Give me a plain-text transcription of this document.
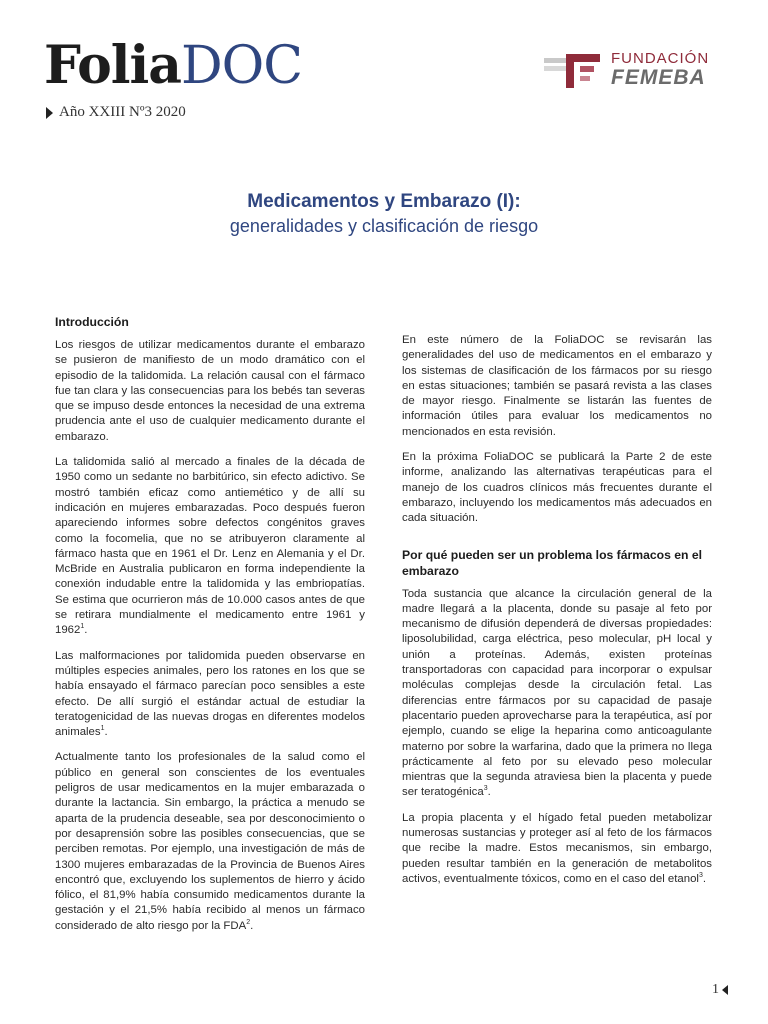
FoliaDOC
Año XXIII Nº3 2020
FUNDACIÓN
FEMEBA
Medicamentos y Embarazo (I):
generalidades y clasificación de riesgo
Introducción

Los riesgos de utilizar medicamentos durante el embarazo se pusieron de manifiesto de un modo dramático con el episodio de la talidomida. La relación causal con el fármaco fue tan clara y las consecuencias para los bebés tan severas que se impuso desde entonces la necesidad de una extrema prudencia ante el uso de cualquier medicamento durante el embarazo.

La talidomida salió al mercado a finales de la década de 1950 como un sedante no barbitúrico, sin efecto adictivo. Se mostró también eficaz como antiemético y de allí su indicación en mujeres embarazadas. Poco después fueron apareciendo informes sobre defectos congénitos graves como la focomelia, que no se atribuyeron claramente al fármaco hasta que en 1961 el Dr. Lenz en Alemania y el Dr. McBride en Australia publicaron en forma independiente la conexión indudable entre la talidomida y las embriopatías. Se estima que ocurrieron más de 10.000 casos antes de que se retirara mundialmente el medicamento entre 1961 y 1962$^1$.

Las malformaciones por talidomida pueden observarse en múltiples especies animales, pero los ratones en los que se había ensayado el fármaco parecían poco sensibles a este efecto. De allí surgió el estándar actual de estudiar la teratogenicidad de las nuevas drogas en diferentes modelos animales$^1$.

Actualmente tanto los profesionales de la salud como el público en general son conscientes de los eventuales peligros de usar medicamentos en la mujer embarazada o durante la lactancia. Sin embargo, la práctica a menudo se aparta de la prudencia deseable, sea por desconocimiento o por desaprensión sobre las posibles consecuencias, que se perciben remotas. Por ejemplo, una investigación de más de 1300 mujeres embarazadas de la Provincia de Buenos Aires encontró que, excluyendo los suplementos de hierro y ácido fólico, el 81,9% había consumido medicamentos durante la gestación y el 21,5% había recibido al menos un fármaco considerado de alto riesgo por la FDA$^2$.

En este número de la FoliaDOC se revisarán las generalidades del uso de medicamentos en el embarazo y los sistemas de clasificación de los fármacos por su riesgo en estas situaciones; también se pasará revista a las clases de mayor riesgo. Finalmente se listarán las fuentes de información útiles para evaluar los medicamentos no mencionados en esta revisión.

En la próxima FoliaDOC se publicará la Parte 2 de este informe, analizando las alternativas terapéuticas para el manejo de los cuadros clínicos más frecuentes durante el embarazo, incluyendo los medicamentos más adecuados en cada situación.

Por qué pueden ser un problema los fármacos en el embarazo

Toda sustancia que alcance la circulación general de la madre llegará a la placenta, donde su pasaje al feto por mecanismo de difusión dependerá de diversas propiedades: liposolubilidad, carga eléctrica, peso molecular, pH local y unión a proteínas. Además, existen proteínas transportadoras con capacidad para incorporar o expulsar moléculas complejas desde la circulación fetal. Las diferencias entre fármacos por su capacidad de pasaje placentario pueden aprovecharse para la terapéutica, así por ejemplo, cuando se elige la heparina como anticoagulante materno por sobre la warfarina, dado que la primera no llega prácticamente al feto por su elevado peso molecular mientras que la segunda atraviesa bien la placenta y puede ser teratogénica$^3$.

La propia placenta y el hígado fetal pueden metabolizar numerosas sustancias y proteger así al feto de los fármacos que recibe la madre. Estos mecanismos, sin embargo, pueden resultar también en la generación de metabolitos activos, eventualmente tóxicos, como en el caso del etanol$^3$.

1
